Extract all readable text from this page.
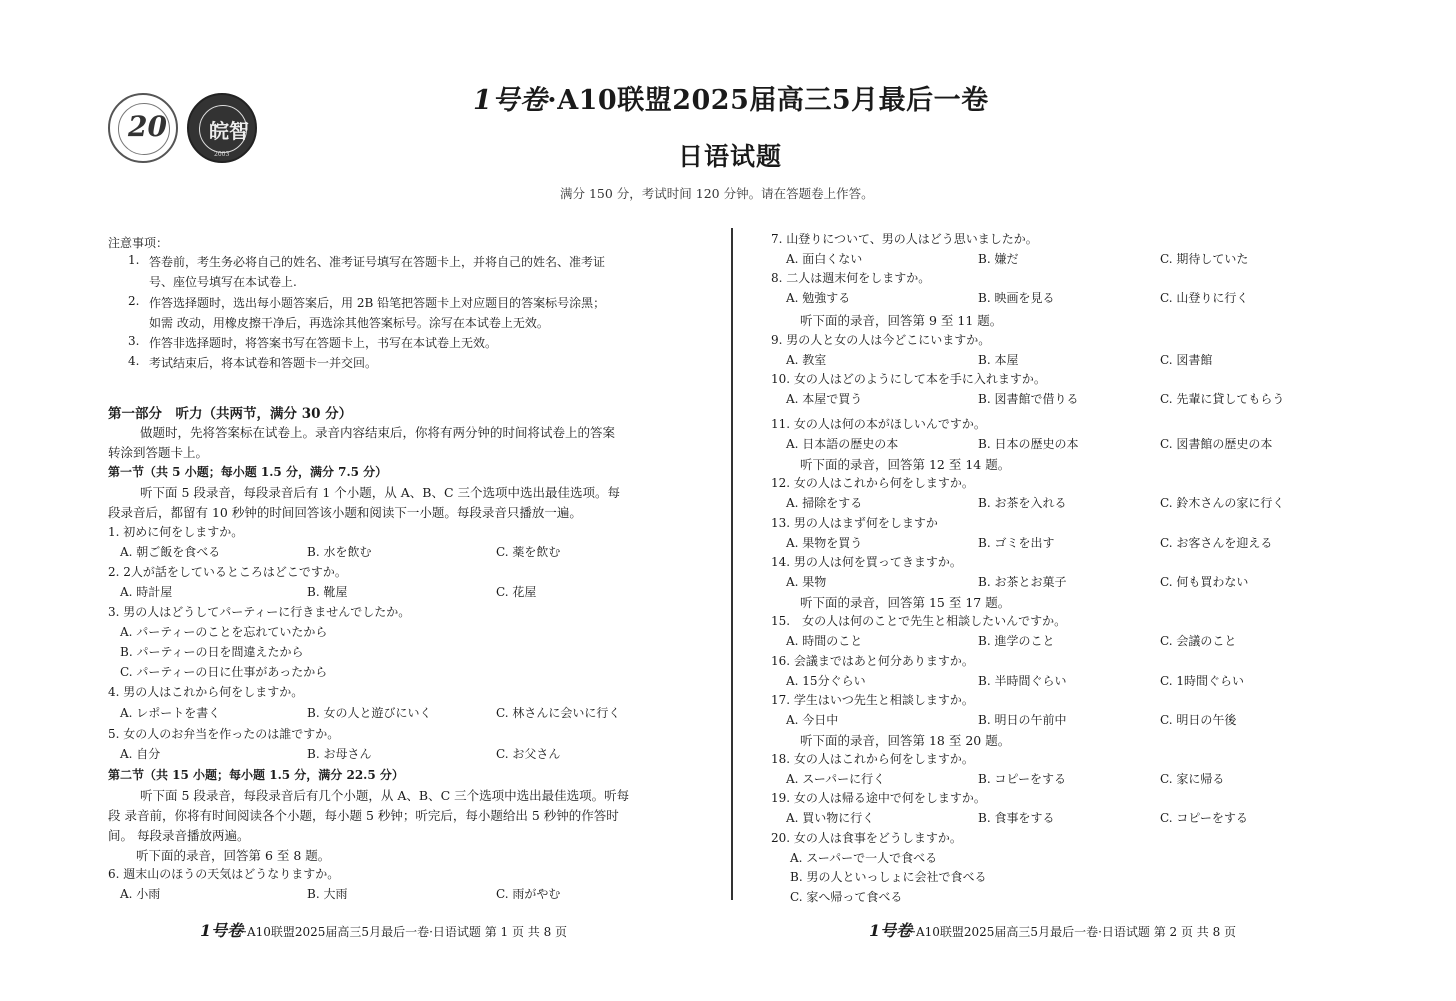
20 皖智
2003
1号卷·A10联盟2025届高三5月最后一卷
日语试题
满分 150 分，考试时间 120 分钟。请在答题卷上作答。
注意事项：
1. 答卷前，考生务必将自己的姓名、准考证号填写在答题卡上，并将自己的姓名、准考证
号、座位号填写在本试卷上.
2. 作答选择题时，选出每小题答案后，用 2B 铅笔把答题卡上对应题目的答案标号涂黑；
如需 改动，用橡皮擦干净后，再选涂其他答案标号。涂写在本试卷上无效。
3. 作答非选择题时，将答案书写在答题卡上，书写在本试卷上无效。
4. 考试结束后，将本试卷和答题卡一并交回。
第一部分　听力（共两节，满分 30 分）
做题时，先将答案标在试卷上。录音内容结束后，你将有两分钟的时间将试卷上的答案
转涂到答题卡上。
第一节（共 5 小题；每小题 1.5 分，满分 7.5 分）
听下面 5 段录音，每段录音后有 1 个小题，从 A、B、C 三个选项中选出最佳选项。每
段录音后，都留有 10 秒钟的时间回答该小题和阅读下一小题。每段录音只播放一遍。
1. 初めに何をしますか。
A. 朝ご飯を食べる	B. 水を飲む	C. 薬を飲む
2. 2人が話をしているところはどこですか。
A. 時計屋	B. 靴屋	C. 花屋
3. 男の人はどうしてパーティーに行きませんでしたか。
A. パーティーのことを忘れていたから
B. パーティーの日を間違えたから
C. パーティーの日に仕事があったから
4. 男の人はこれから何をしますか。
A. レポートを書く	B. 女の人と遊びにいく	C. 林さんに会いに行く
5. 女の人のお弁当を作ったのは誰ですか。
A. 自分	B. お母さん	C. お父さん
第二节（共 15 小题；每小题 1.5 分，满分 22.5 分）
听下面 5 段录音，每段录音后有几个小题，从 A、B、C 三个选项中选出最佳选项。听每
段 录音前，你将有时间阅读各个小题，每小题 5 秒钟；听完后，每小题给出 5 秒钟的作答时
间。 每段录音播放两遍。
听下面的录音，回答第 6 至 8 题。
6. 週末山のほうの天気はどうなりますか。
A. 小雨	B. 大雨	C. 雨がやむ
7. 山登りについて、男の人はどう思いましたか。
A. 面白くない	B. 嫌だ	C. 期待していた
8. 二人は週末何をしますか。
A. 勉強する	B. 映画を見る	C. 山登りに行く
听下面的录音，回答第 9 至 11 题。
9. 男の人と女の人は今どこにいますか。
A. 教室	B. 本屋	C. 図書館
10. 女の人はどのようにして本を手に入れますか。
A. 本屋で買う	B. 図書館で借りる	C. 先輩に貸してもらう
11. 女の人は何の本がほしいんですか。
A. 日本語の歴史の本	B. 日本の歴史の本	C. 図書館の歴史の本
听下面的录音，回答第 12 至 14 题。
12. 女の人はこれから何をしますか。
A. 掃除をする	B. お茶を入れる	C. 鈴木さんの家に行く
13. 男の人はまず何をしますか
A. 果物を買う	B. ゴミを出す	C. お客さんを迎える
14. 男の人は何を買ってきますか。
A. 果物	B. お茶とお菓子	C. 何も買わない
听下面的录音，回答第 15 至 17 题。
15.　女の人は何のことで先生と相談したいんですか。
A. 時間のこと	B. 進学のこと	C. 会議のこと
16. 会議まではあと何分ありますか。
A. 15分ぐらい	B. 半時間ぐらい	C. 1時間ぐらい
17. 学生はいつ先生と相談しますか。
A. 今日中	B. 明日の午前中	C. 明日の午後
听下面的录音，回答第 18 至 20 题。
18. 女の人はこれから何をしますか。
A. スーパーに行く	B. コピーをする	C. 家に帰る
19. 女の人は帰る途中で何をしますか。
A. 買い物に行く	B. 食事をする	C. コピーをする
20. 女の人は食事をどうしますか。
A. スーパーで一人で食べる
B. 男の人といっしょに会社で食べる
C. 家へ帰って食べる
1号卷·A10联盟2025届高三5月最后一卷·日语试题 第 1 页 共 8 页	1号卷·A10联盟2025届高三5月最后一卷·日语试题 第 2 页 共 8 页
